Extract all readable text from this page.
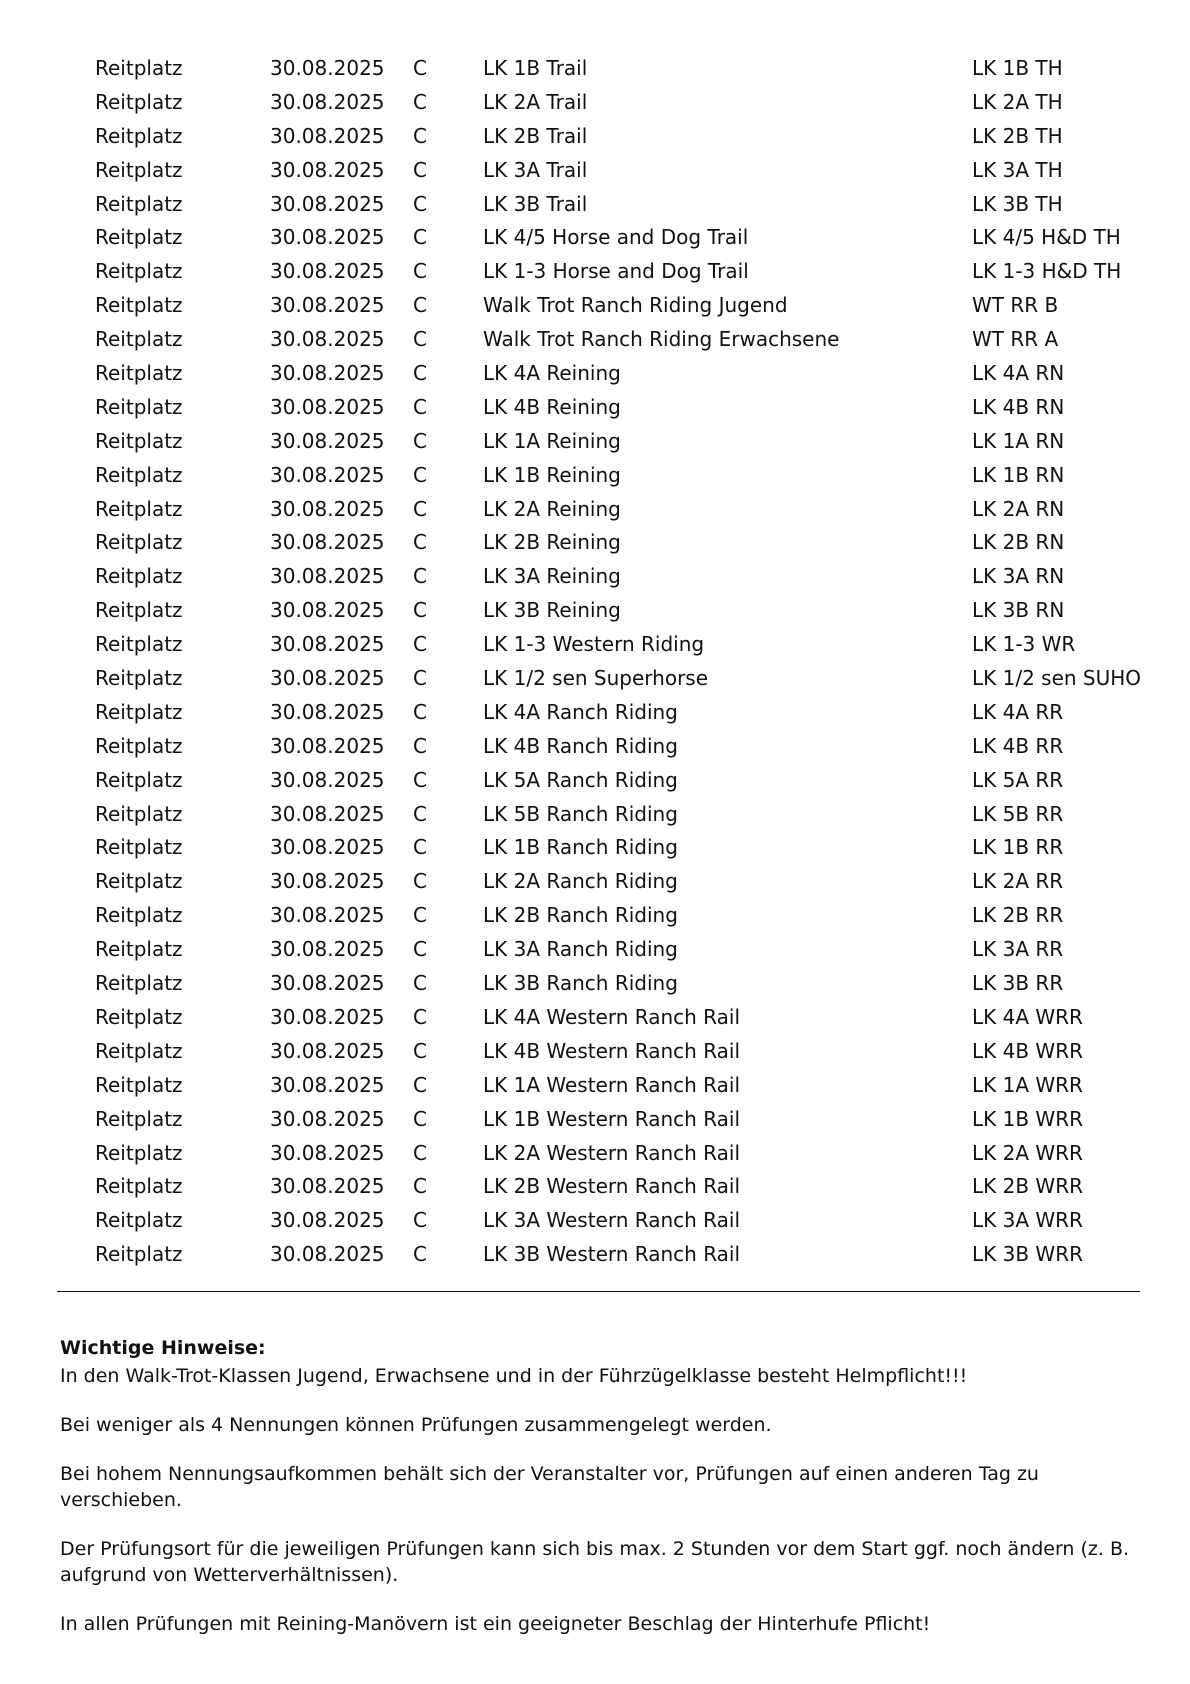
Reitplatz	30.08.2025 C	LK 1B Trail	LK 1B TH
Reitplatz	30.08.2025 C	LK 2A Trail	LK 2A TH
Reitplatz	30.08.2025 C	LK 2B Trail	LK 2B TH
Reitplatz	30.08.2025 C	LK 3A Trail	LK 3A TH
Reitplatz	30.08.2025 C	LK 3B Trail	LK 3B TH
Reitplatz	30.08.2025 C	LK 4/5 Horse and Dog Trail	LK 4/5 H&D TH
Reitplatz	30.08.2025 C	LK 1-3 Horse and Dog Trail	LK 1-3 H&D TH
Reitplatz	30.08.2025 C	Walk Trot Ranch Riding Jugend	WT RR B
Reitplatz	30.08.2025 C	Walk Trot Ranch Riding Erwachsene	WT RR A
Reitplatz	30.08.2025 C	LK 4A Reining	LK 4A RN
Reitplatz	30.08.2025 C	LK 4B Reining	LK 4B RN
Reitplatz	30.08.2025 C	LK 1A Reining	LK 1A RN
Reitplatz	30.08.2025 C	LK 1B Reining	LK 1B RN
Reitplatz	30.08.2025 C	LK 2A Reining	LK 2A RN
Reitplatz	30.08.2025 C	LK 2B Reining	LK 2B RN
Reitplatz	30.08.2025 C	LK 3A Reining	LK 3A RN
Reitplatz	30.08.2025 C	LK 3B Reining	LK 3B RN
Reitplatz	30.08.2025 C	LK 1-3 Western Riding	LK 1-3 WR
Reitplatz	30.08.2025 C	LK 1/2 sen Superhorse	LK 1/2 sen SUHO
Reitplatz	30.08.2025 C	LK 4A Ranch Riding	LK 4A RR
Reitplatz	30.08.2025 C	LK 4B Ranch Riding	LK 4B RR
Reitplatz	30.08.2025 C	LK 5A Ranch Riding	LK 5A RR
Reitplatz	30.08.2025 C	LK 5B Ranch Riding	LK 5B RR
Reitplatz	30.08.2025 C	LK 1B Ranch Riding	LK 1B RR
Reitplatz	30.08.2025 C	LK 2A Ranch Riding	LK 2A RR
Reitplatz	30.08.2025 C	LK 2B Ranch Riding	LK 2B RR
Reitplatz	30.08.2025 C	LK 3A Ranch Riding	LK 3A RR
Reitplatz	30.08.2025 C	LK 3B Ranch Riding	LK 3B RR
Reitplatz	30.08.2025 C	LK 4A Western Ranch Rail	LK 4A WRR
Reitplatz	30.08.2025 C	LK 4B Western Ranch Rail	LK 4B WRR
Reitplatz	30.08.2025 C	LK 1A Western Ranch Rail	LK 1A WRR
Reitplatz	30.08.2025 C	LK 1B Western Ranch Rail	LK 1B WRR
Reitplatz	30.08.2025 C	LK 2A Western Ranch Rail	LK 2A WRR
Reitplatz	30.08.2025 C	LK 2B Western Ranch Rail	LK 2B WRR
Reitplatz	30.08.2025 C	LK 3A Western Ranch Rail	LK 3A WRR
Reitplatz	30.08.2025 C	LK 3B Western Ranch Rail	LK 3B WRR
Wichtige Hinweise:

In den Walk-Trot-Klassen Jugend, Erwachsene und in der Führzügelklasse besteht Helmpflicht!!!

Bei weniger als 4 Nennungen können Prüfungen zusammengelegt werden.

Bei hohem Nennungsaufkommen behält sich der Veranstalter vor, Prüfungen auf einen anderen Tag zu verschieben.

Der Prüfungsort für die jeweiligen Prüfungen kann sich bis max. 2 Stunden vor dem Start ggf. noch ändern (z. B. aufgrund von Wetterverhältnissen).

In allen Prüfungen mit Reining-Manövern ist ein geeigneter Beschlag der Hinterhufe Pflicht!
